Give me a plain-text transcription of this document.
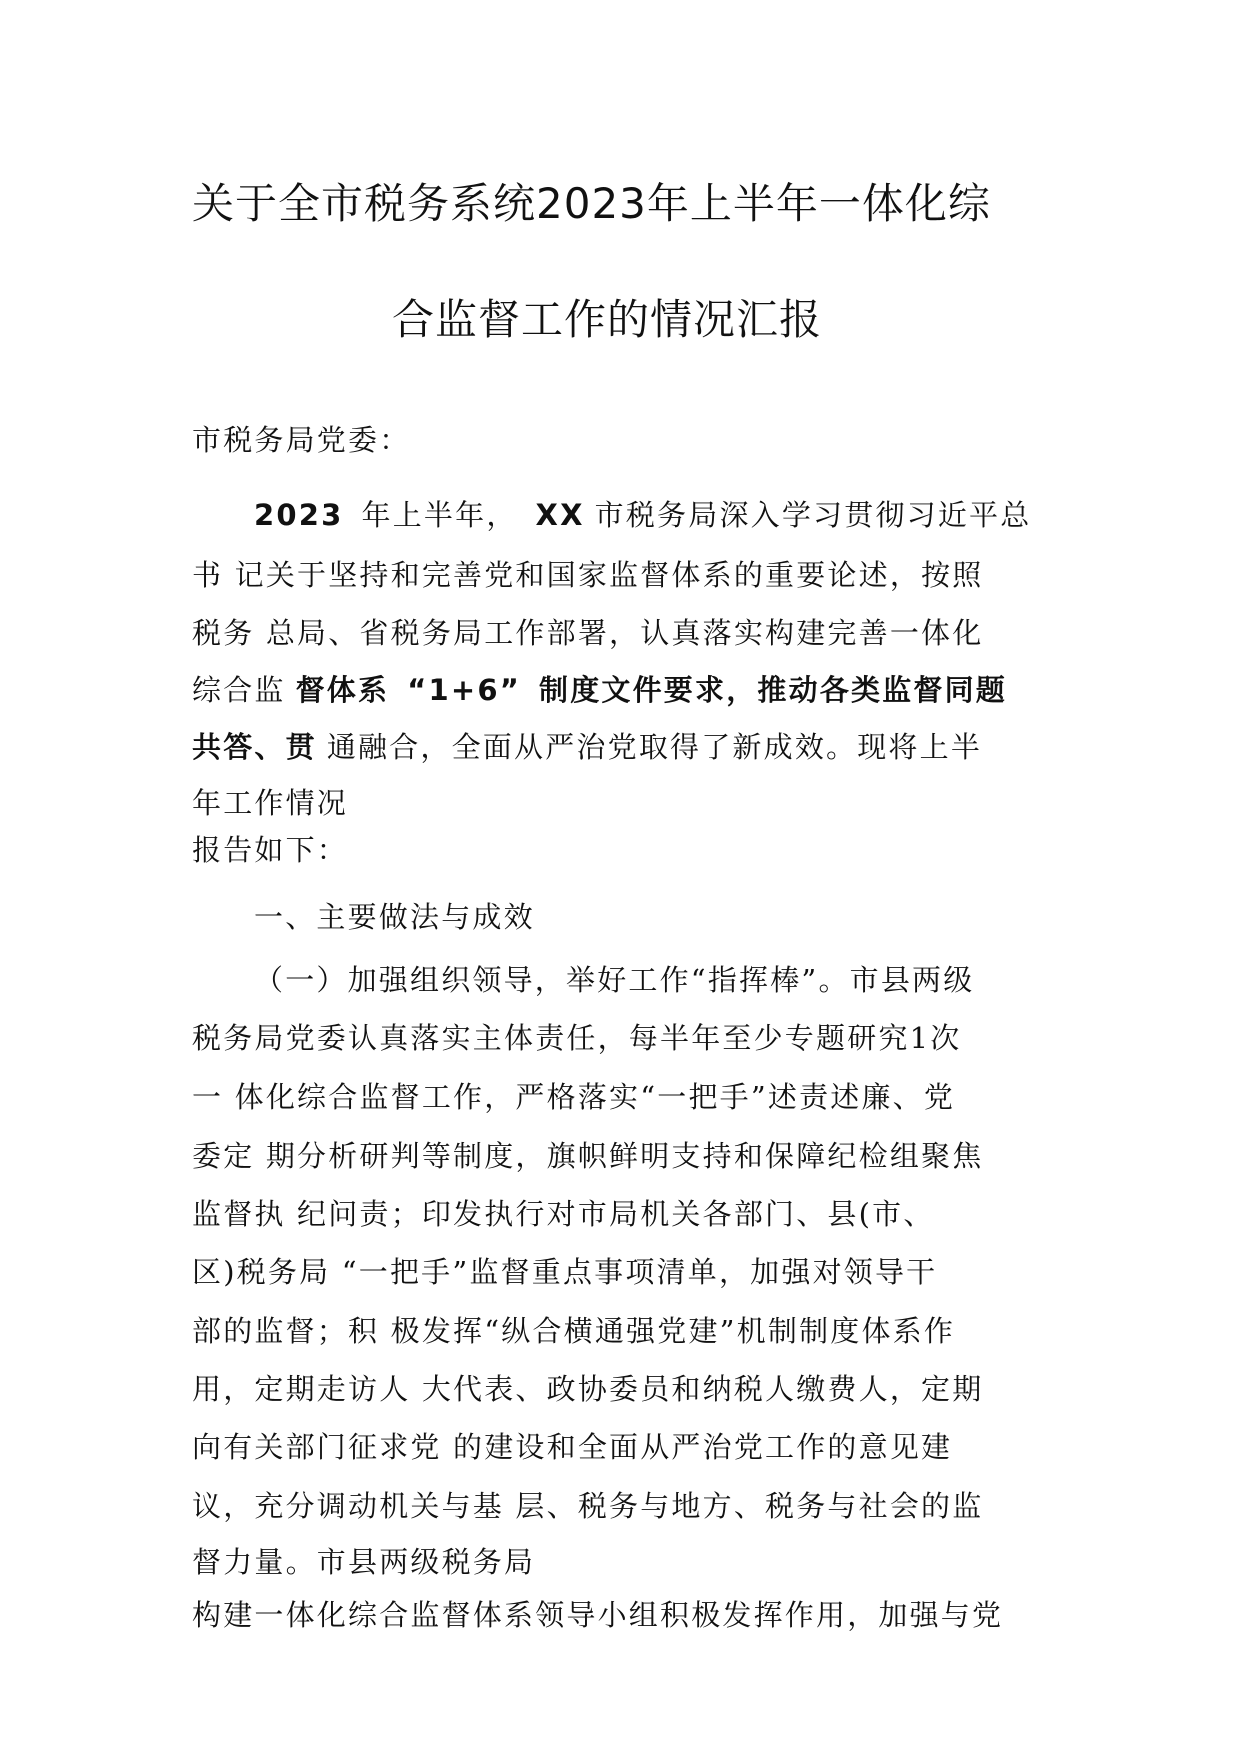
关于全市税务系统2023年上半年一体化综
合监督工作的情况汇报
市税务局党委：
2023 年上半年， XX 市税务局深入学习贯彻习近平总
书 记关于坚持和完善党和国家监督体系的重要论述，按照
税务 总局、省税务局工作部署，认真落实构建完善一体化
综合监 督体系 “1+6” 制度文件要求，推动各类监督同题
共答、贯 通融合，全面从严治党取得了新成效。现将上半
年工作情况
报告如下：
一、主要做法与成效
（一）加强组织领导，举好工作“指挥棒”。市县两级
税务局党委认真落实主体责任，每半年至少专题研究1次
一 体化综合监督工作，严格落实“一把手”述责述廉、党
委定 期分析研判等制度，旗帜鲜明支持和保障纪检组聚焦
监督执 纪问责；印发执行对市局机关各部门、县(市、
区)税务局 “一把手”监督重点事项清单，加强对领导干
部的监督；积 极发挥“纵合横通强党建”机制制度体系作
用，定期走访人 大代表、政协委员和纳税人缴费人，定期
向有关部门征求党 的建设和全面从严治党工作的意见建
议，充分调动机关与基 层、税务与地方、税务与社会的监
督力量。市县两级税务局
构建一体化综合监督体系领导小组积极发挥作用，加强与党
